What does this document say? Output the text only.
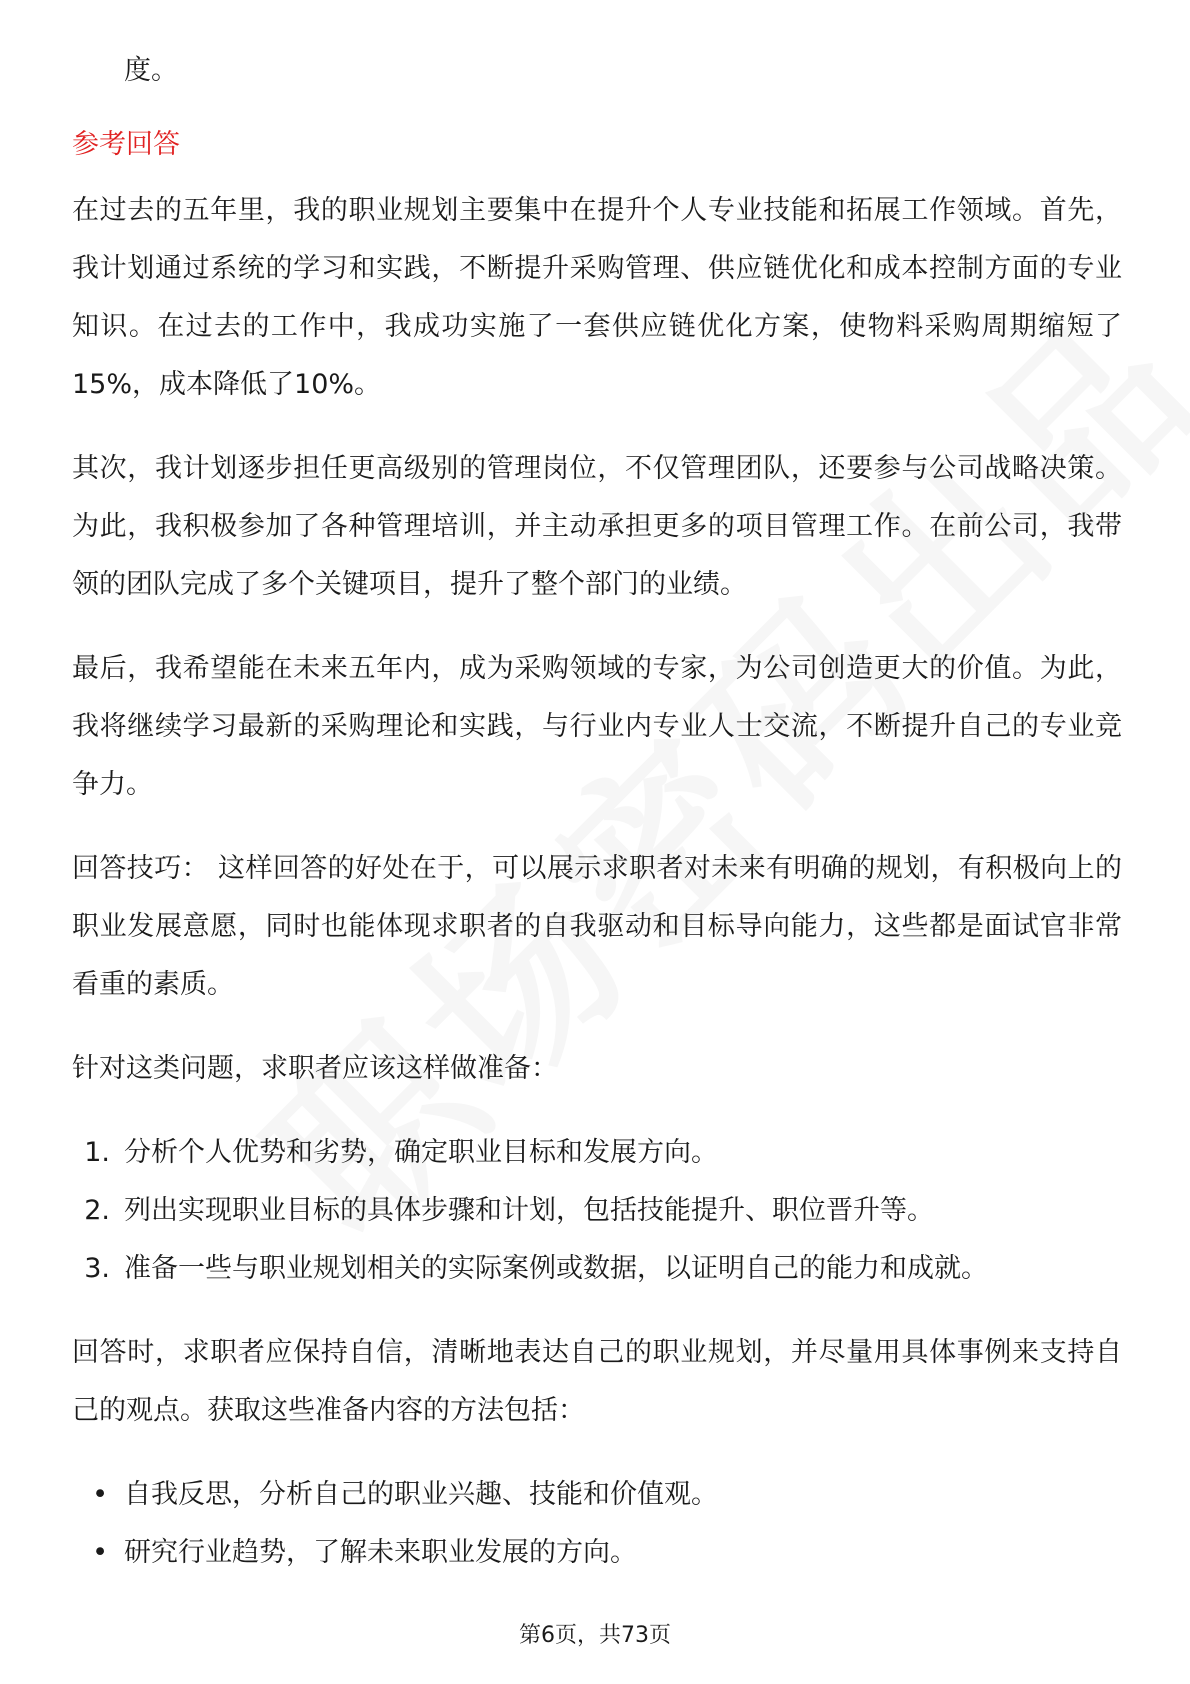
度。

参考回答

在过去的五年里，我的职业规划主要集中在提升个人专业技能和拓展工作领域。首先，我计划通过系统的学习和实践，不断提升采购管理、供应链优化和成本控制方面的专业知识。在过去的工作中，我成功实施了一套供应链优化方案，使物料采购周期缩短了15%，成本降低了10%。

其次，我计划逐步担任更高级别的管理岗位，不仅管理团队，还要参与公司战略决策。为此，我积极参加了各种管理培训，并主动承担更多的项目管理工作。在前公司，我带领的团队完成了多个关键项目，提升了整个部门的业绩。

最后，我希望能在未来五年内，成为采购领域的专家，为公司创造更大的价值。为此，我将继续学习最新的采购理论和实践，与行业内专业人士交流，不断提升自己的专业竞争力。

回答技巧： 这样回答的好处在于，可以展示求职者对未来有明确的规划，有积极向上的职业发展意愿，同时也能体现求职者的自我驱动和目标导向能力，这些都是面试官非常看重的素质。

针对这类问题，求职者应该这样做准备：

1. 分析个人优势和劣势，确定职业目标和发展方向。
2. 列出实现职业目标的具体步骤和计划，包括技能提升、职位晋升等。
3. 准备一些与职业规划相关的实际案例或数据，以证明自己的能力和成就。

回答时，求职者应保持自信，清晰地表达自己的职业规划，并尽量用具体事例来支持自己的观点。获取这些准备内容的方法包括：

• 自我反思，分析自己的职业兴趣、技能和价值观。
• 研究行业趋势，了解未来职业发展的方向。
第6页，共73页
